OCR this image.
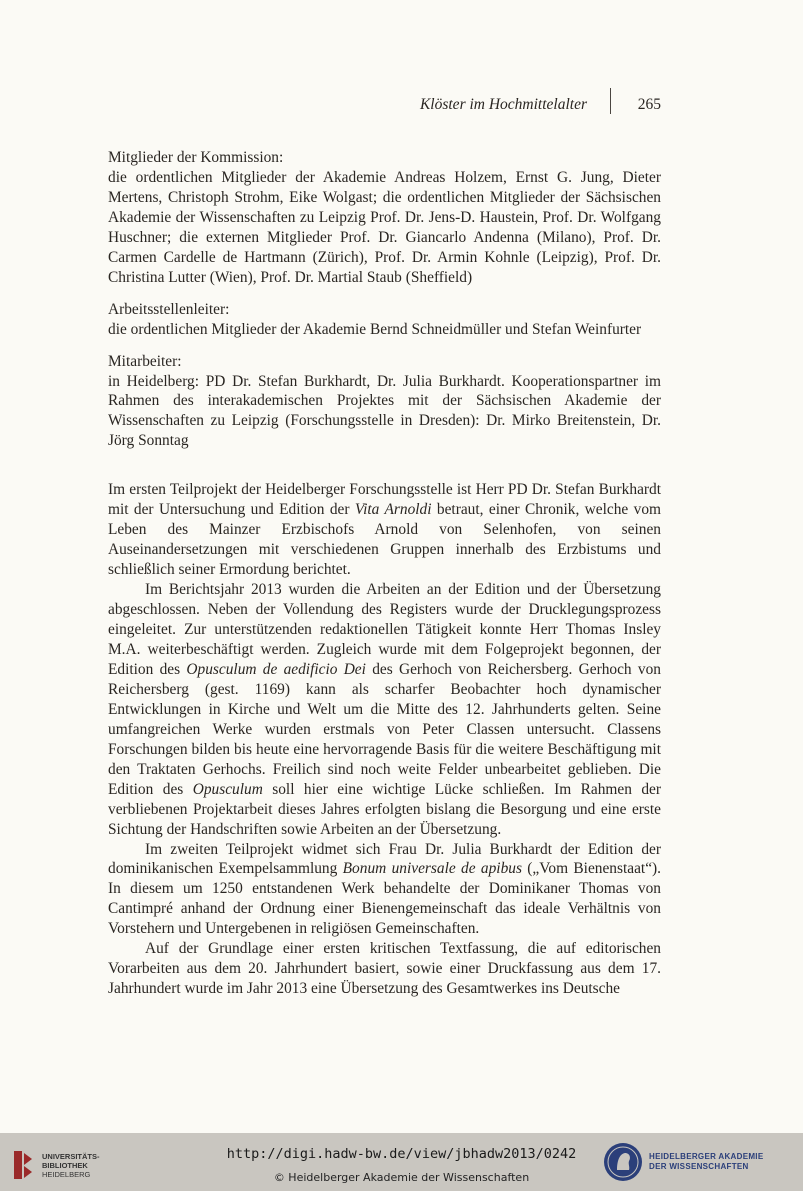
Klöster im Hochmittelalter	265

Mitglieder der Kommission:

die ordentlichen Mitglieder der Akademie Andreas Holzem, Ernst G. Jung, Dieter Mertens, Christoph Strohm, Eike Wolgast; die ordentlichen Mitglieder der Sächsischen Akademie der Wissenschaften zu Leipzig Prof. Dr. Jens-D. Haustein, Prof. Dr. Wolfgang Huschner; die externen Mitglieder Prof. Dr. Giancarlo Andenna (Milano), Prof. Dr. Carmen Cardelle de Hartmann (Zürich), Prof. Dr. Armin Kohnle (Leipzig), Prof. Dr. Christina Lutter (Wien), Prof. Dr. Martial Staub (Sheffield)

Arbeitsstellenleiter:

die ordentlichen Mitglieder der Akademie Bernd Schneidmüller und Stefan Weinfurter

Mitarbeiter:

in Heidelberg: PD Dr. Stefan Burkhardt, Dr. Julia Burkhardt. Kooperationspartner im Rahmen des interakademischen Projektes mit der Sächsischen Akademie der Wissenschaften zu Leipzig (Forschungsstelle in Dresden): Dr. Mirko Breitenstein, Dr. Jörg Sonntag

Im ersten Teilprojekt der Heidelberger Forschungsstelle ist Herr PD Dr. Stefan Burkhardt mit der Untersuchung und Edition der Vita Arnoldi betraut, einer Chronik, welche vom Leben des Mainzer Erzbischofs Arnold von Selenhofen, von seinen Auseinandersetzungen mit verschiedenen Gruppen innerhalb des Erzbistums und schließlich seiner Ermordung berichtet.

Im Berichtsjahr 2013 wurden die Arbeiten an der Edition und der Übersetzung abgeschlossen. Neben der Vollendung des Registers wurde der Drucklegungsprozess eingeleitet. Zur unterstützenden redaktionellen Tätigkeit konnte Herr Thomas Insley M.A. weiterbeschäftigt werden. Zugleich wurde mit dem Folgeprojekt begonnen, der Edition des Opusculum de aedificio Dei des Gerhoch von Reichersberg. Gerhoch von Reichersberg (gest. 1169) kann als scharfer Beobachter hoch dynamischer Entwicklungen in Kirche und Welt um die Mitte des 12. Jahrhunderts gelten. Seine umfangreichen Werke wurden erstmals von Peter Classen untersucht. Classens Forschungen bilden bis heute eine hervorragende Basis für die weitere Beschäftigung mit den Traktaten Gerhochs. Freilich sind noch weite Felder unbearbeitet geblieben. Die Edition des Opusculum soll hier eine wichtige Lücke schließen. Im Rahmen der verbliebenen Projektarbeit dieses Jahres erfolgten bislang die Besorgung und eine erste Sichtung der Handschriften sowie Arbeiten an der Übersetzung.

Im zweiten Teilprojekt widmet sich Frau Dr. Julia Burkhardt der Edition der dominikanischen Exempelsammlung Bonum universale de apibus („Vom Bienenstaat“). In diesem um 1250 entstandenen Werk behandelte der Dominikaner Thomas von Cantimpré anhand der Ordnung einer Bienengemeinschaft das ideale Verhältnis von Vorstehern und Untergebenen in religiösen Gemeinschaften.

Auf der Grundlage einer ersten kritischen Textfassung, die auf editorischen Vorarbeiten aus dem 20. Jahrhundert basiert, sowie einer Druckfassung aus dem 17. Jahrhundert wurde im Jahr 2013 eine Übersetzung des Gesamtwerkes ins Deutsche

UNIVERSITÄTS-
BIBLIOTHEK
HEIDELBERG
http://digi.hadw-bw.de/view/jbhadw2013/0242
© Heidelberger Akademie der Wissenschaften
HEIDELBERGER AKADEMIE
DER WISSENSCHAFTEN
